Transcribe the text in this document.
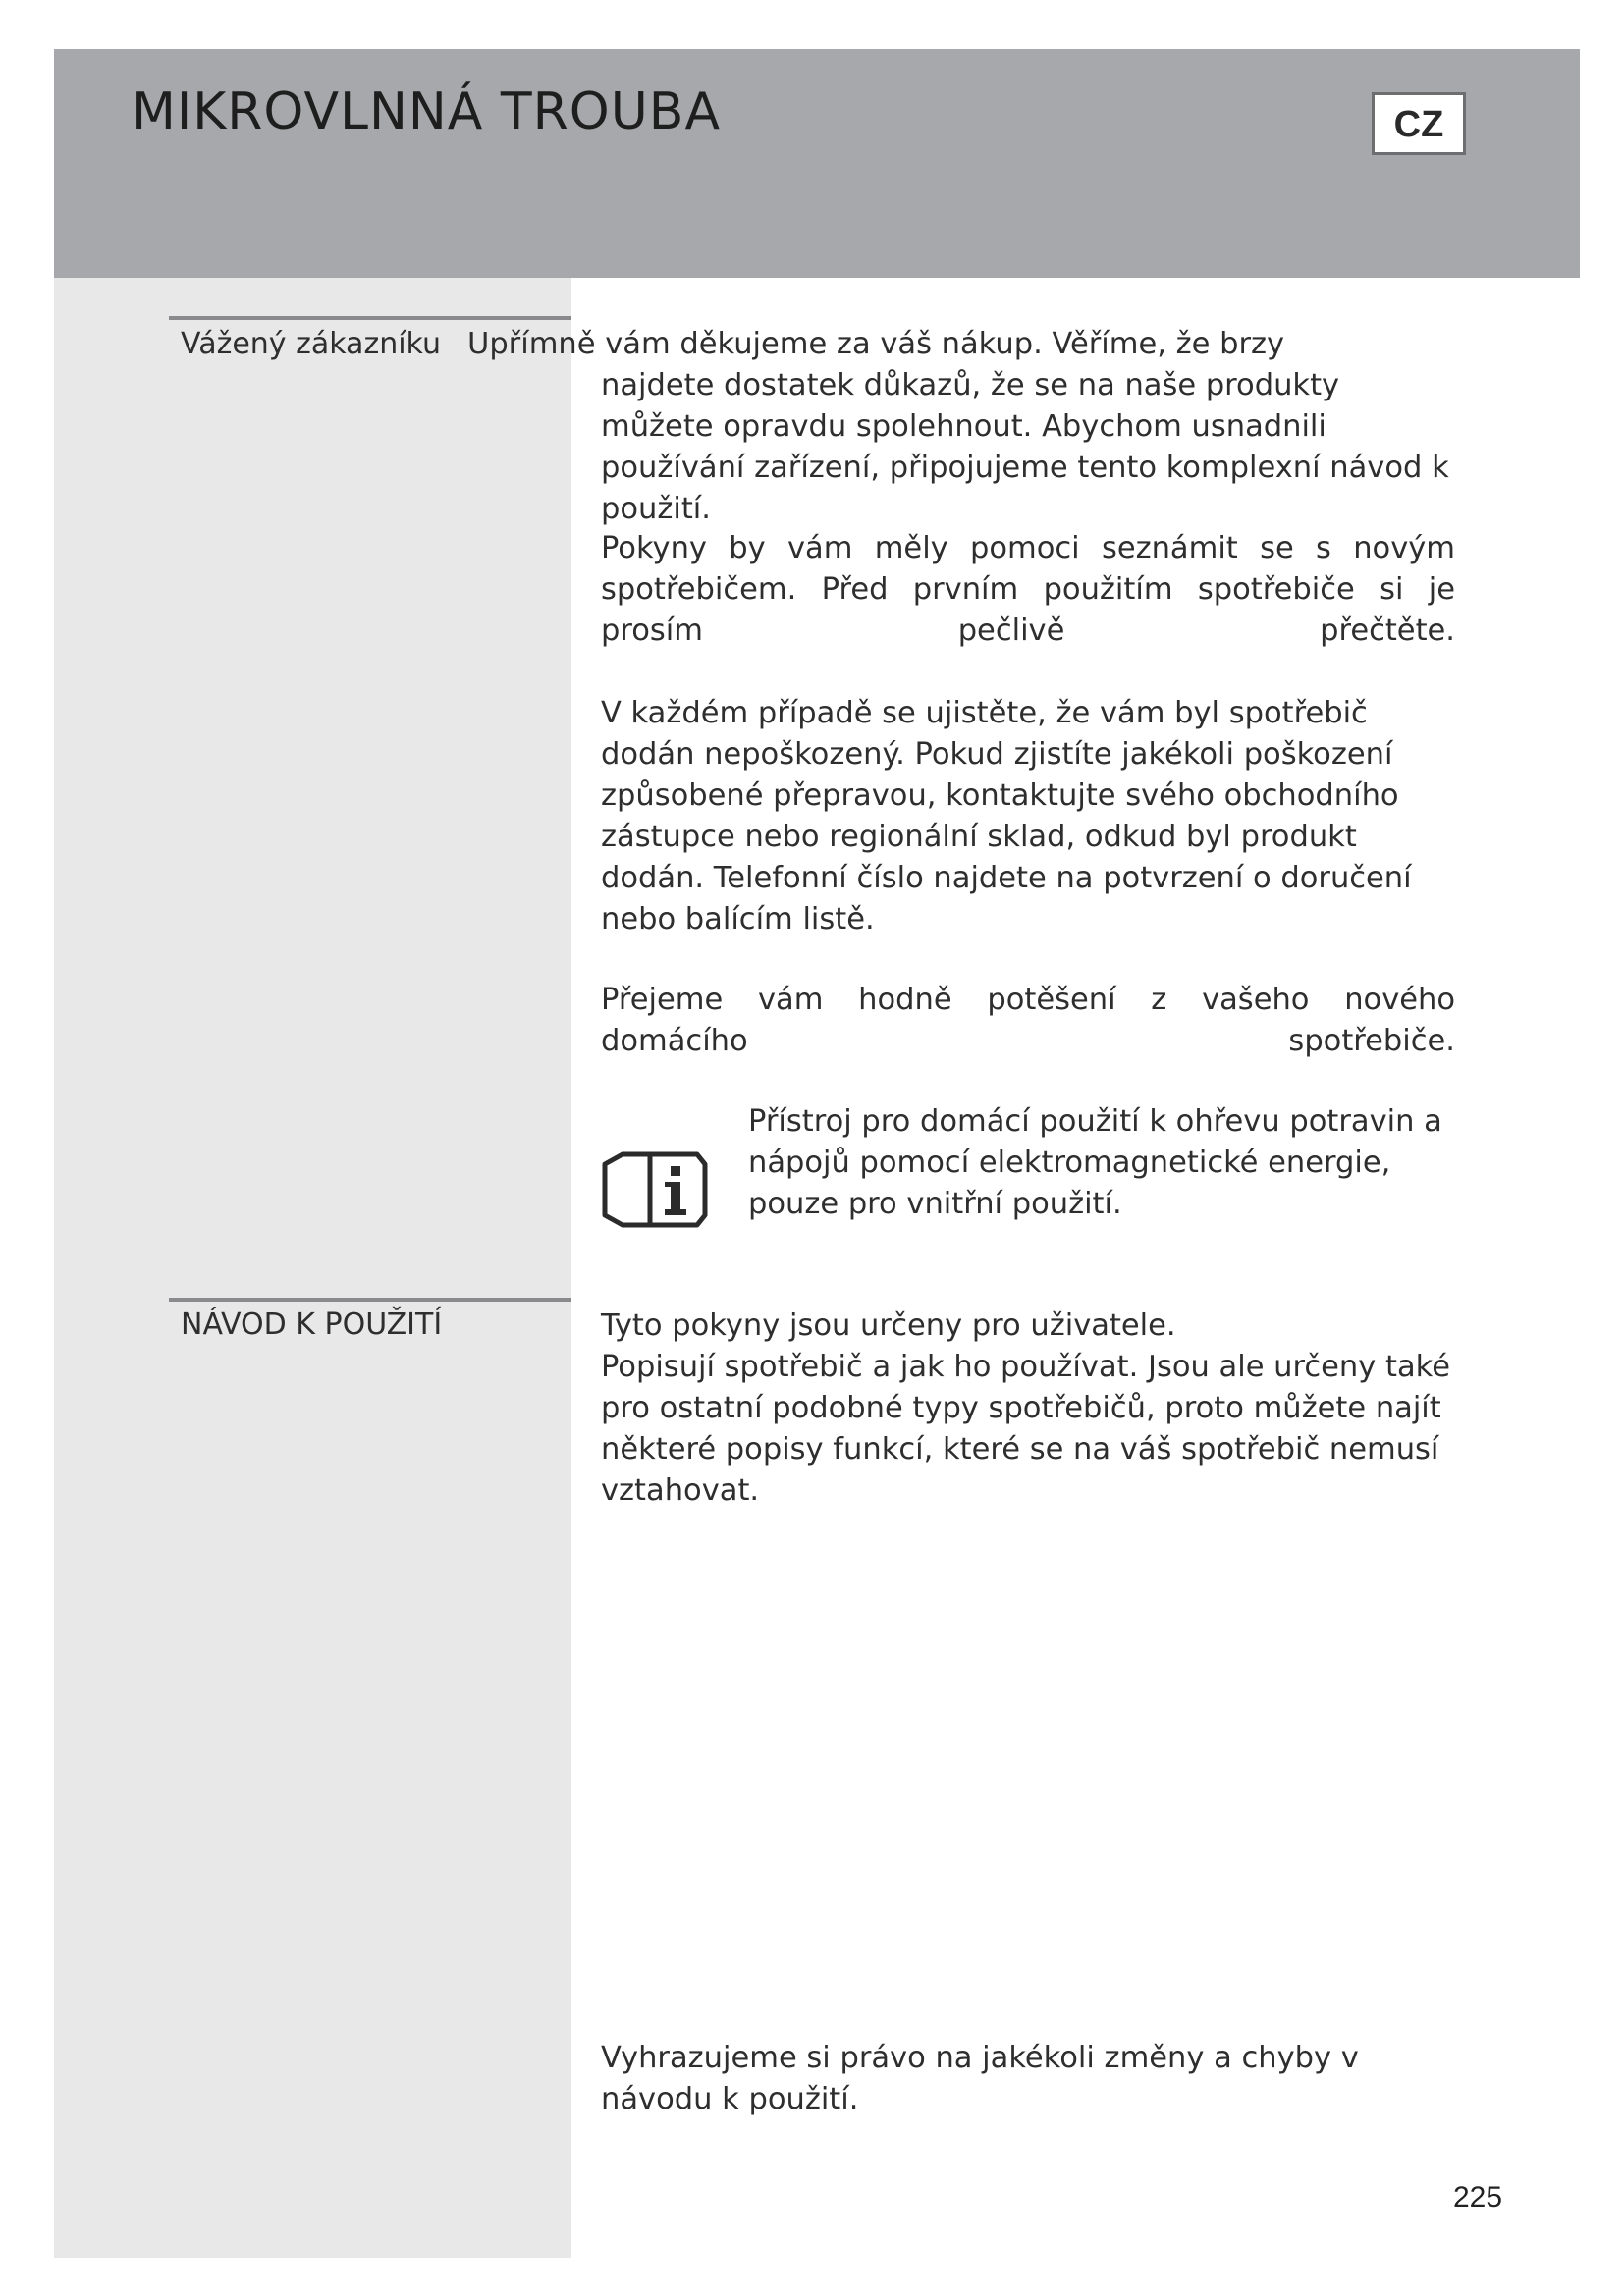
MIKROVLNNÁ TROUBA	CZ
Vážený zákazníku Upřímně vám děkujeme za váš nákup. Věříme, že brzy

najdete dostatek důkazů, že se na naše produkty můžete opravdu spolehnout. Abychom usnadnili používání zařízení, připojujeme tento komplexní návod k použití.

Pokyny by vám měly pomoci seznámit se s novým spotřebičem. Před prvním použitím spotřebiče si je prosím pečlivě přečtěte.

V každém případě se ujistěte, že vám byl spotřebič dodán nepoškozený. Pokud zjistíte jakékoli poškození způsobené přepravou, kontaktujte svého obchodního zástupce nebo regionální sklad, odkud byl produkt dodán. Telefonní číslo najdete na potvrzení o doručení nebo balícím listě.

Přejeme vám hodně potěšení z vašeho nového domácího spotřebiče.

Přístroj pro domácí použití k ohřevu potravin a nápojů pomocí elektromagnetické energie, pouze pro vnitřní použití.

NÁVOD K POUŽITÍ	Tyto pokyny jsou určeny pro uživatele.

Popisují spotřebič a jak ho používat. Jsou ale určeny také pro ostatní podobné typy spotřebičů, proto můžete najít některé popisy funkcí, které se na váš spotřebič nemusí vztahovat.

Vyhrazujeme si právo na jakékoli změny a chyby v návodu k použití.

225
